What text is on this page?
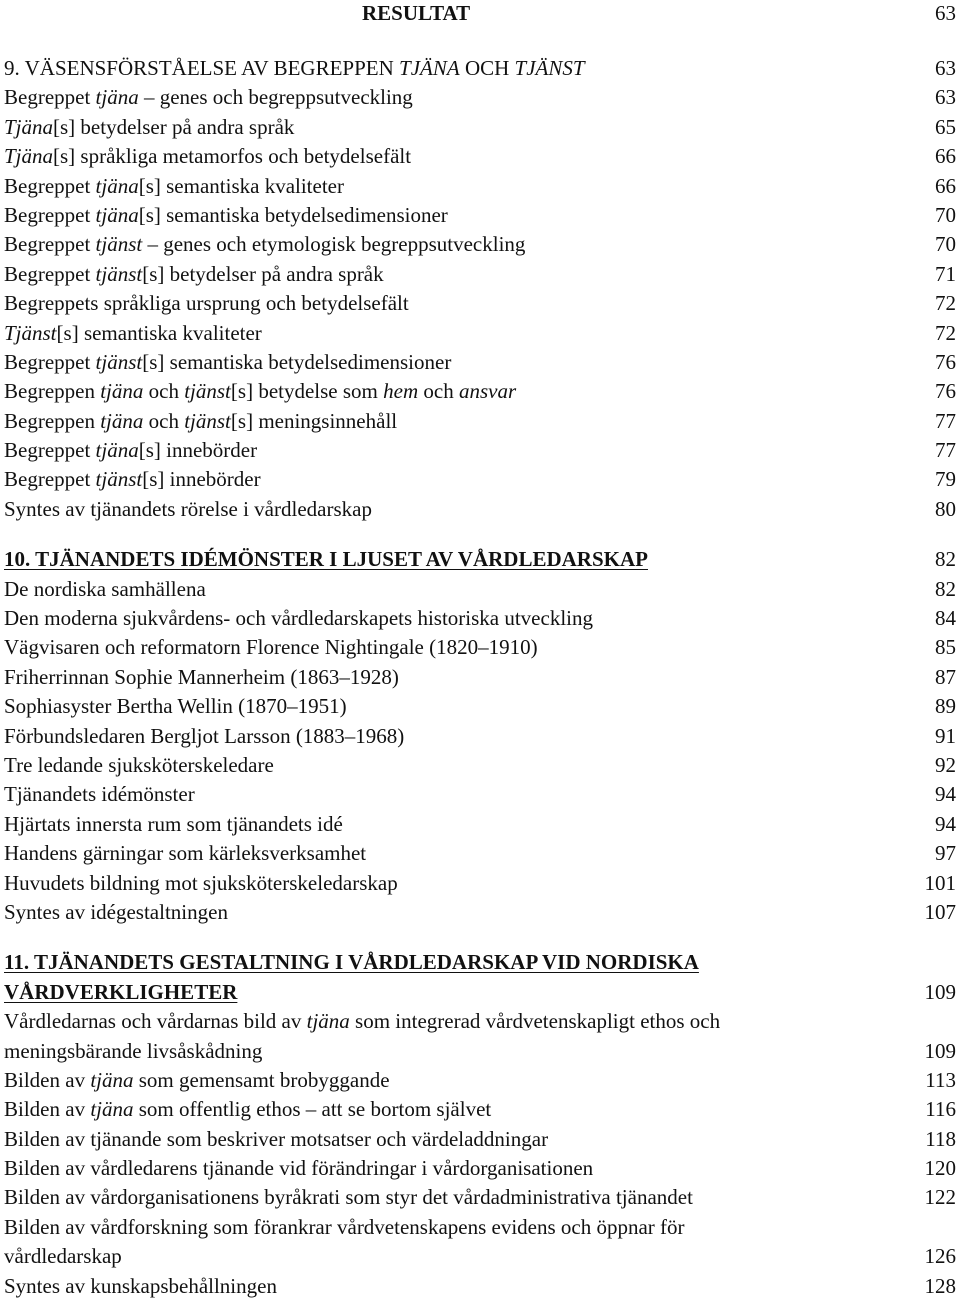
RESULTAT	63
9. VÄSENSFÖRSTÅELSE AV BEGREPPEN TJÄNA OCH TJÄNST	63
Begreppet tjäna – genes och begreppsutveckling	63
Tjäna[s] betydelser på andra språk	65
Tjäna[s] språkliga metamorfos och betydelsefält	66
Begreppet tjäna[s] semantiska kvaliteter	66
Begreppet tjäna[s] semantiska betydelsedimensioner	70
Begreppet tjänst – genes och etymologisk begreppsutveckling	70
Begreppet tjänst[s] betydelser på andra språk	71
Begreppets språkliga ursprung och betydelsefält	72
Tjänst[s] semantiska kvaliteter	72
Begreppet tjänst[s] semantiska betydelsedimensioner	76
Begreppen tjäna och tjänst[s] betydelse som hem och ansvar	76
Begreppen tjäna och tjänst[s] meningsinnehåll	77
Begreppet tjäna[s] innebörder	77
Begreppet tjänst[s] innebörder	79
Syntes av tjänandets rörelse i vårdledarskap	80
10. TJÄNANDETS IDÉMÖNSTER I LJUSET AV VÅRDLEDARSKAP	82
De nordiska samhällena	82
Den moderna sjukvårdens- och vårdledarskapets historiska utveckling	84
Vägvisaren och reformatorn Florence Nightingale (1820–1910)	85
Friherrinnan Sophie Mannerheim (1863–1928)	87
Sophiasyster Bertha Wellin (1870–1951)	89
Förbundsledaren Bergljot Larsson (1883–1968)	91
Tre ledande sjuksköterskeledare	92
Tjänandets idémönster	94
Hjärtats innersta rum som tjänandets idé	94
Handens gärningar som kärleksverksamhet	97
Huvudets bildning mot sjuksköterskeledarskap	101
Syntes av idégestaltningen	107
11. TJÄNANDETS GESTALTNING I VÅRDLEDARSKAP VID NORDISKA
VÅRDVERKLIGHETER	109
Vårdledarnas och vårdarnas bild av tjäna som integrerad vårdvetenskapligt ethos och
meningsbärande livsåskådning	109
Bilden av tjäna som gemensamt brobyggande	113
Bilden av tjäna som offentlig ethos – att se bortom självet	116
Bilden av tjänande som beskriver motsatser och värdeladdningar	118
Bilden av vårdledarens tjänande vid förändringar i vårdorganisationen	120
Bilden av vårdorganisationens byråkrati som styr det vårdadministrativa tjänandet	122
Bilden av vårdforskning som förankrar vårdvetenskapens evidens och öppnar för
vårdledarskap	126
Syntes av kunskapsbehållningen	128
